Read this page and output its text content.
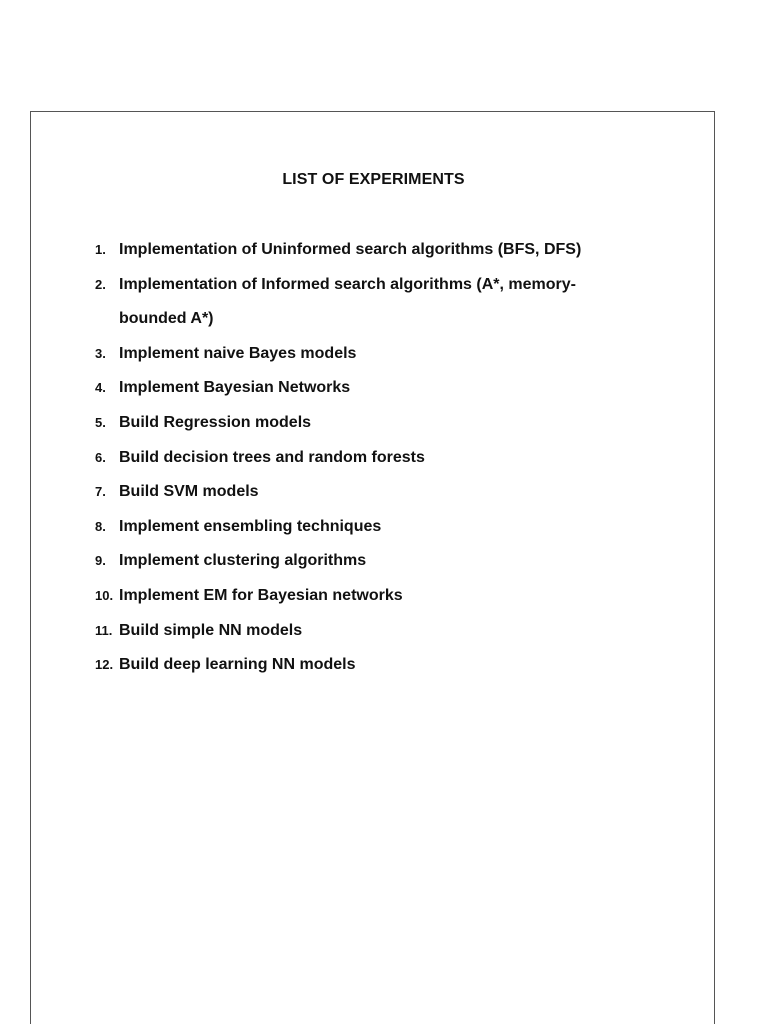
LIST OF EXPERIMENTS
1. Implementation of Uninformed search algorithms (BFS, DFS)
2. Implementation of Informed search algorithms (A*, memory-bounded A*)
3. Implement naive Bayes models
4. Implement Bayesian Networks
5. Build Regression models
6. Build decision trees and random forests
7. Build SVM models
8. Implement ensembling techniques
9. Implement clustering algorithms
10. Implement EM for Bayesian networks
11. Build simple NN models
12. Build deep learning NN models
